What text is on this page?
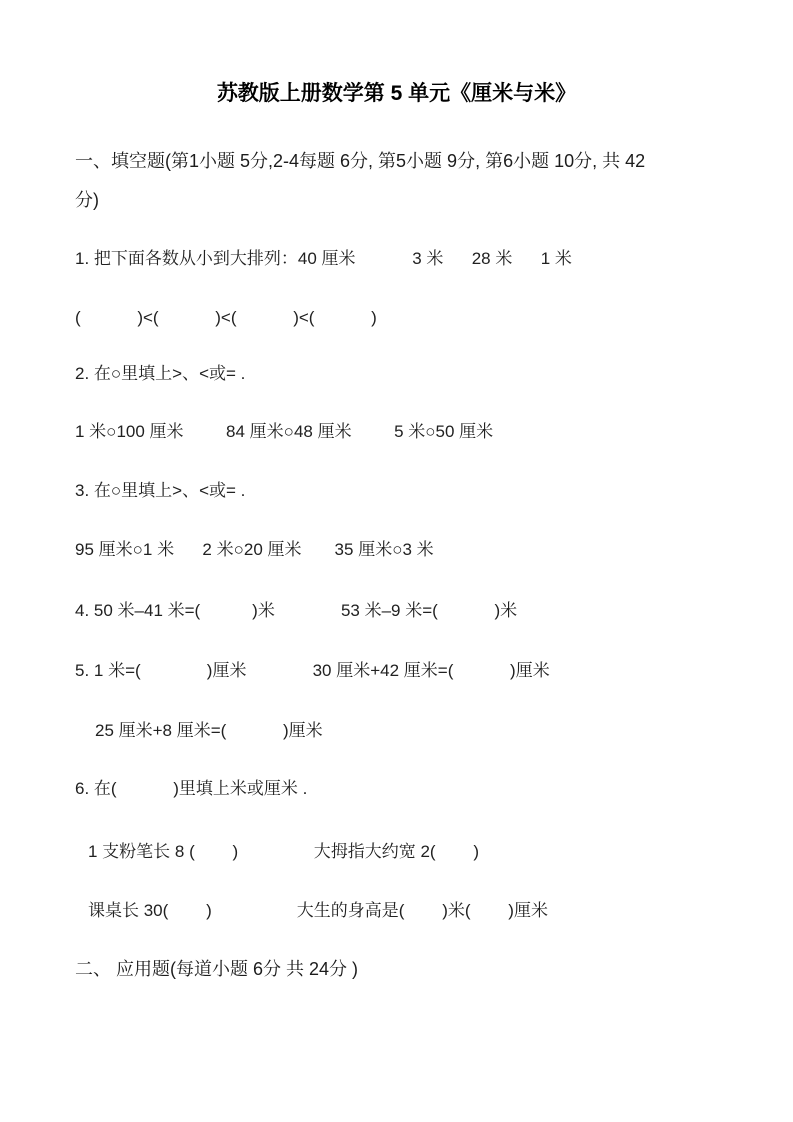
苏教版上册数学第 5 单元《厘米与米》
一、填空题(第1小题 5分,2-4每题 6分, 第5小题 9分, 第6小题 10分, 共 42
分)
1. 把下面各数从小到大排列：40 厘米            3 米      28 米      1 米
(            )<(            )<(            )<(            )
2. 在○里填上>、<或= .
1 米○100 厘米         84 厘米○48 厘米         5 米○50 厘米
3. 在○里填上>、<或= .
95 厘米○1 米      2 米○20 厘米       35 厘米○3 米
4. 50 米–41 米=(           )米              53 米–9 米=(            )米
5. 1 米=(              )厘米              30 厘米+42 厘米=(            )厘米
25 厘米+8 厘米=(            )厘米
6. 在(            )里填上米或厘米 .
1 支粉笔长 8 (        )                大拇指大约宽 2(        )
课桌长 30(        )                  大生的身高是(        )米(        )厘米
二、 应用题(每道小题 6分 共 24分 )
